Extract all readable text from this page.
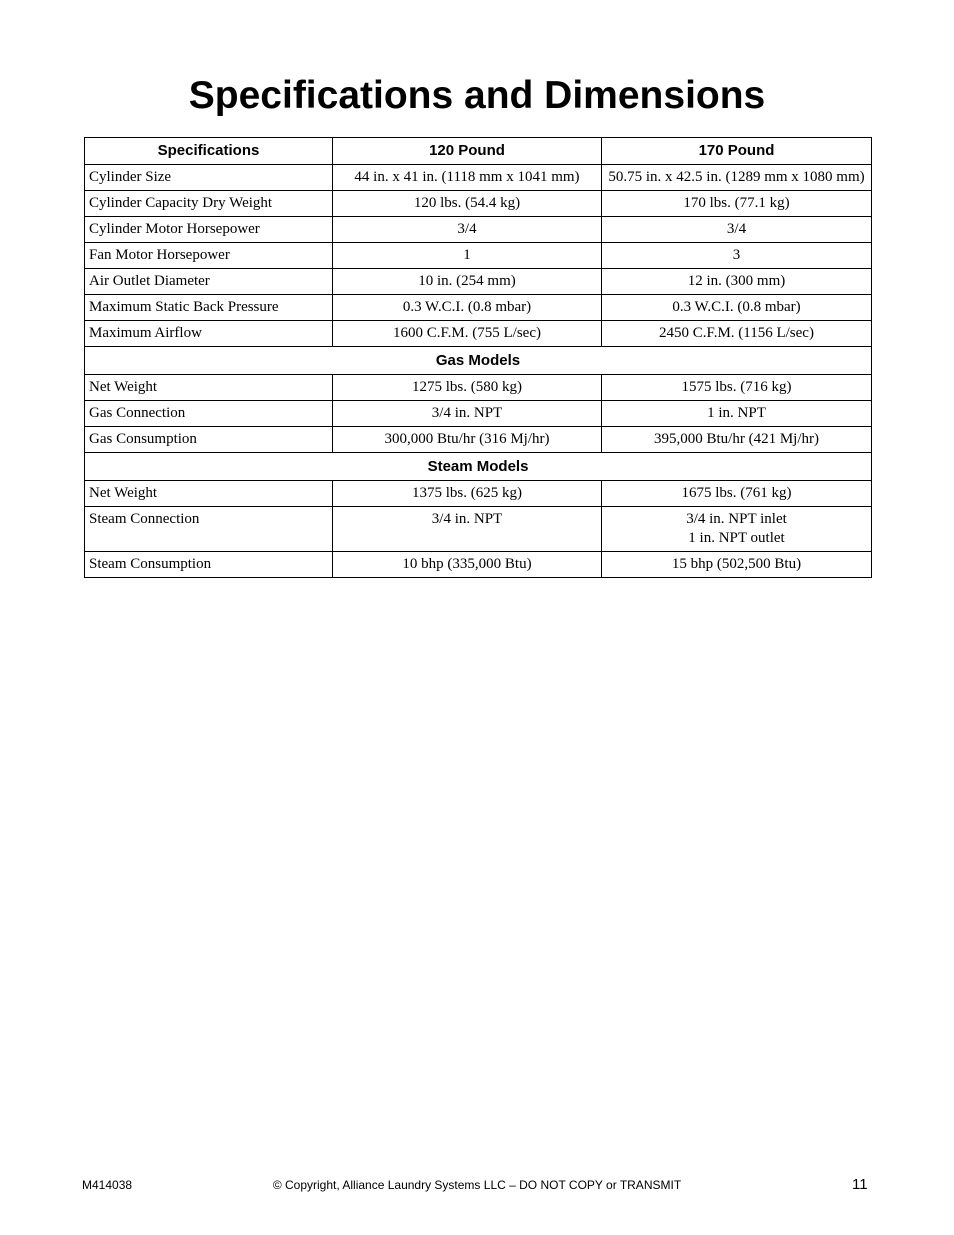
Specifications and Dimensions
Specifications	120 Pound	170 Pound
Cylinder Size	44 in. x 41 in. (1118 mm x 1041 mm)	50.75 in. x 42.5 in. (1289 mm x 1080 mm)
Cylinder Capacity Dry Weight	120 lbs. (54.4 kg)	170 lbs. (77.1 kg)
Cylinder Motor Horsepower	3/4	3/4
Fan Motor Horsepower	1	3
Air Outlet Diameter	10 in. (254 mm)	12 in. (300 mm)
Maximum Static Back Pressure	0.3 W.C.I. (0.8 mbar)	0.3 W.C.I. (0.8 mbar)
Maximum Airflow	1600 C.F.M. (755 L/sec)	2450 C.F.M. (1156 L/sec)
Gas Models		
Net Weight	1275 lbs. (580 kg)	1575 lbs. (716 kg)
Gas Connection	3/4 in. NPT	1 in. NPT
Gas Consumption	300,000 Btu/hr (316 Mj/hr)	395,000 Btu/hr (421 Mj/hr)
Steam Models		
Net Weight	1375 lbs. (625 kg)	1675 lbs. (761 kg)
Steam Connection	3/4 in. NPT	3/4 in. NPT inlet
1 in. NPT outlet

Steam Consumption	10 bhp (335,000 Btu)	15 bhp (502,500 Btu)
M414038	© Copyright, Alliance Laundry Systems LLC – DO NOT COPY or TRANSMIT	11
